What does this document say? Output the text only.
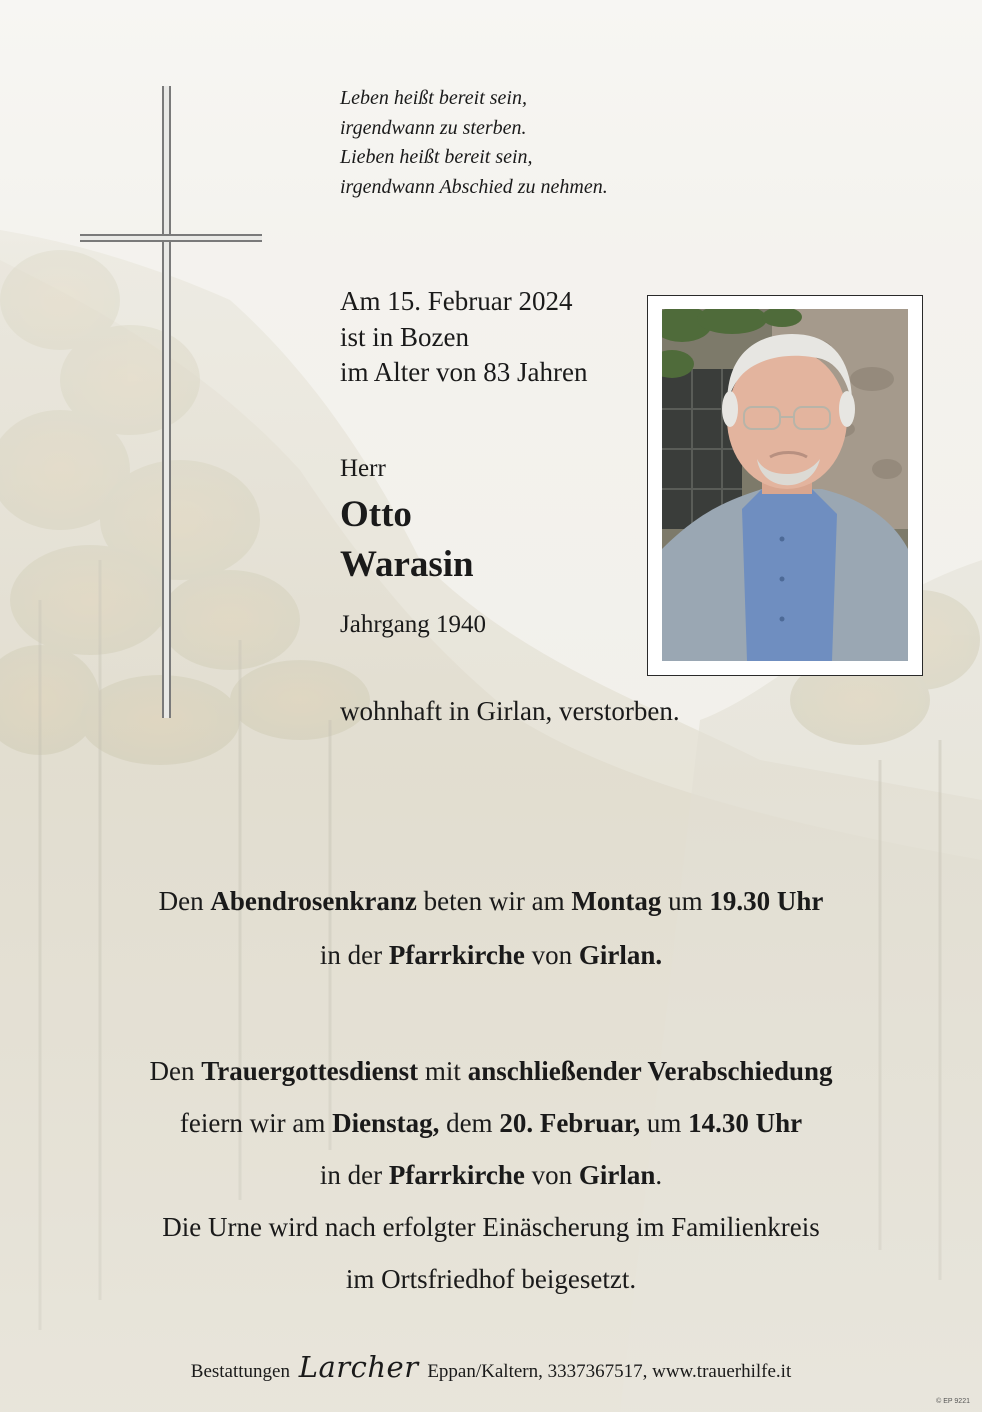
Leben heißt bereit sein,
irgendwann zu sterben.
Lieben heißt bereit sein,
irgendwann Abschied zu nehmen.
Am 15. Februar 2024
ist in Bozen
im Alter von 83 Jahren
Herr
Otto
Warasin
Jahrgang 1940
wohnhaft in Girlan, verstorben.
Den Abendrosenkranz beten wir am Montag um 19.30 Uhr
in der Pfarrkirche von Girlan.
Den Trauergottesdienst mit anschließender Verabschiedung
feiern wir am Dienstag, dem 20. Februar, um 14.30 Uhr
in der Pfarrkirche von Girlan.
Die Urne wird nach erfolgter Einäscherung im Familienkreis
im Ortsfriedhof beigesetzt.
Bestattungen Larcher Eppan/Kaltern, 3337367517, www.trauerhilfe.it
© EP 9221
